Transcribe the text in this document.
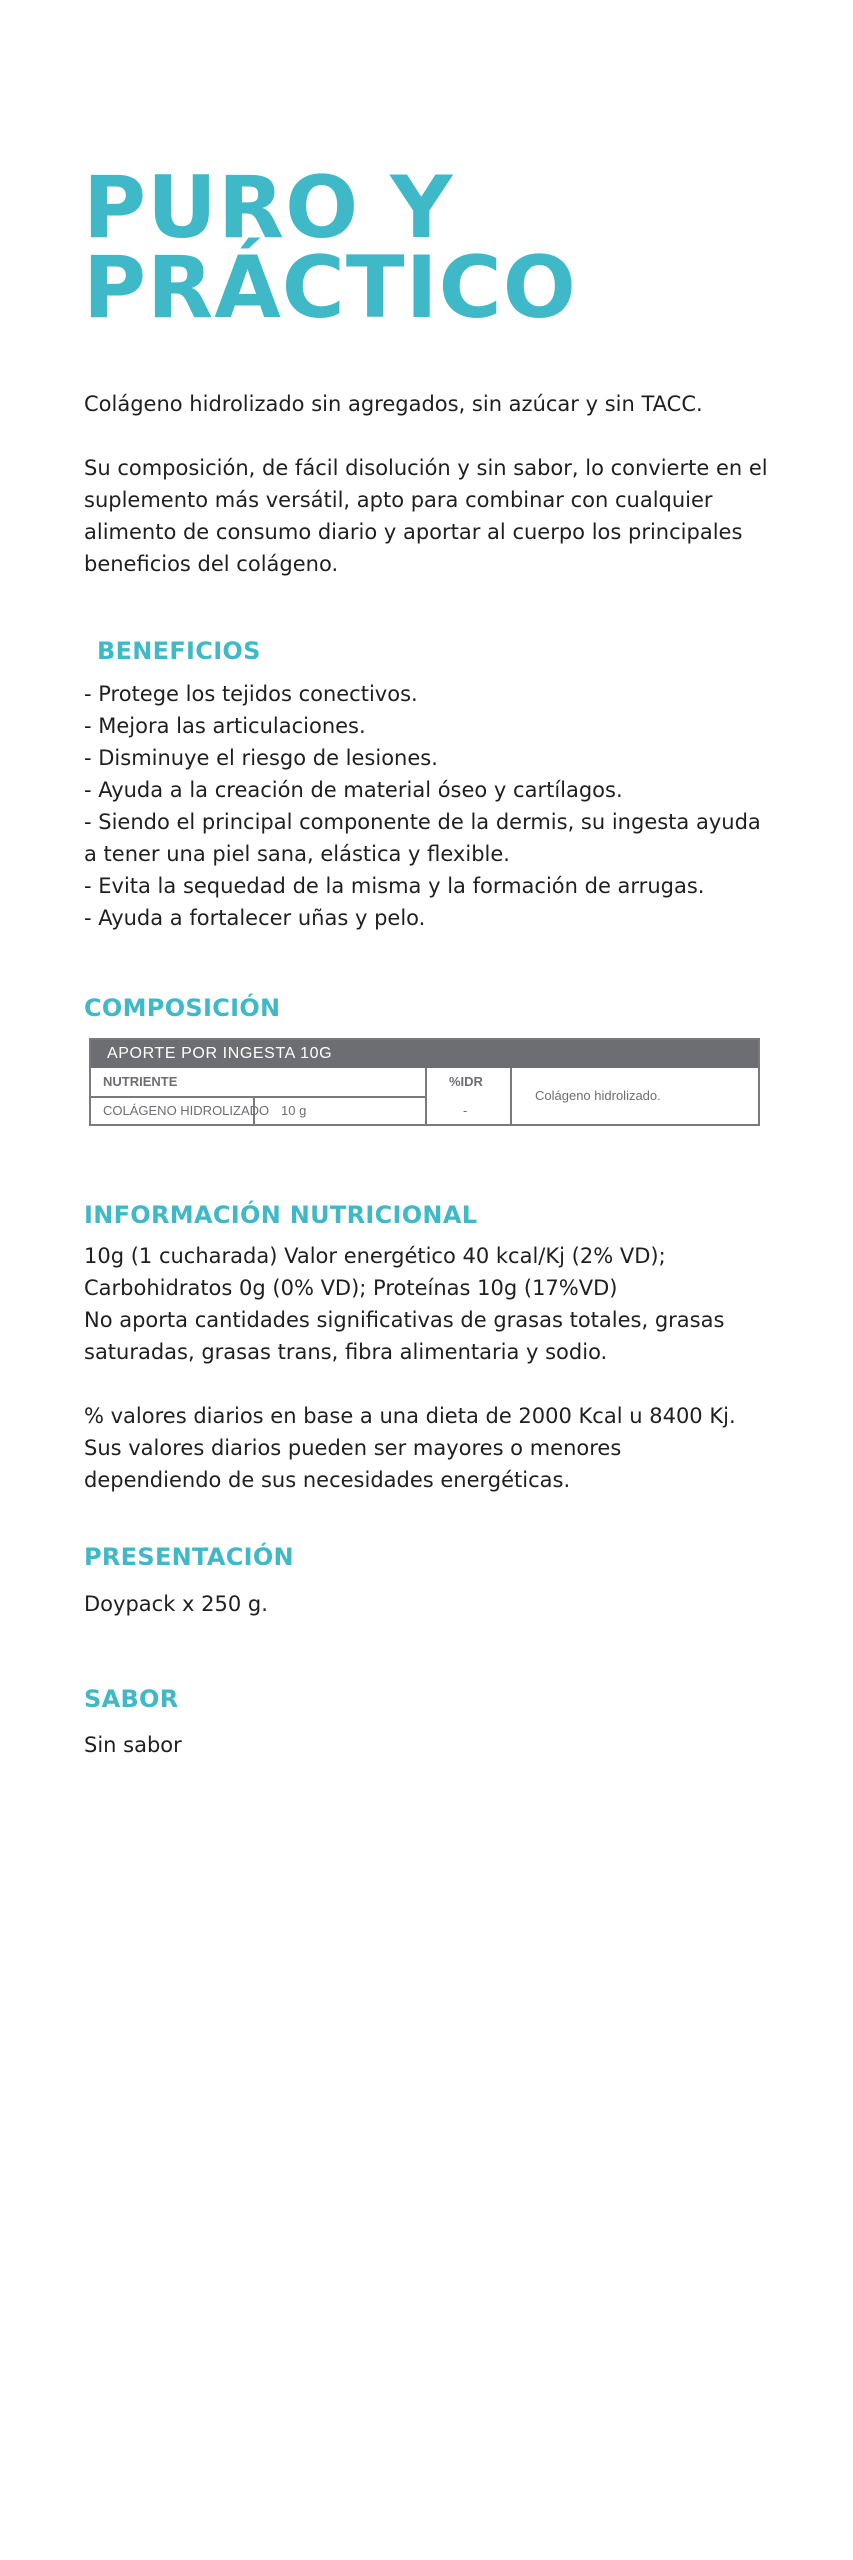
PURO Y
PRÁCTICO

Colágeno hidrolizado sin agregados, sin azúcar y sin TACC.

Su composición, de fácil disolución y sin sabor, lo convierte en el
suplemento más versátil, apto para combinar con cualquier
alimento de consumo diario y aportar al cuerpo los principales
beneficios del colágeno.
BENEFICIOS
- Protege los tejidos conectivos.
- Mejora las articulaciones.
- Disminuye el riesgo de lesiones.
- Ayuda a la creación de material óseo y cartílagos.
- Siendo el principal componente de la dermis, su ingesta ayuda
a tener una piel sana, elástica y flexible.
- Evita la sequedad de la misma y la formación de arrugas.
- Ayuda a fortalecer uñas y pelo.
COMPOSICIÓN
APORTE POR INGESTA 10G
NUTRIENTE	%IDR
COLÁGENO HIDROLIZADO 10 g	-
Colágeno hidrolizado.
INFORMACIÓN NUTRICIONAL
10g (1 cucharada) Valor energético 40 kcal/Kj (2% VD);
Carbohidratos 0g (0% VD); Proteínas 10g (17%VD)
No aporta cantidades significativas de grasas totales, grasas
saturadas, grasas trans, fibra alimentaria y sodio.
% valores diarios en base a una dieta de 2000 Kcal u 8400 Kj.
Sus valores diarios pueden ser mayores o menores
dependiendo de sus necesidades energéticas.
PRESENTACIÓN

Doypack x 250 g.

SABOR

Sin sabor
